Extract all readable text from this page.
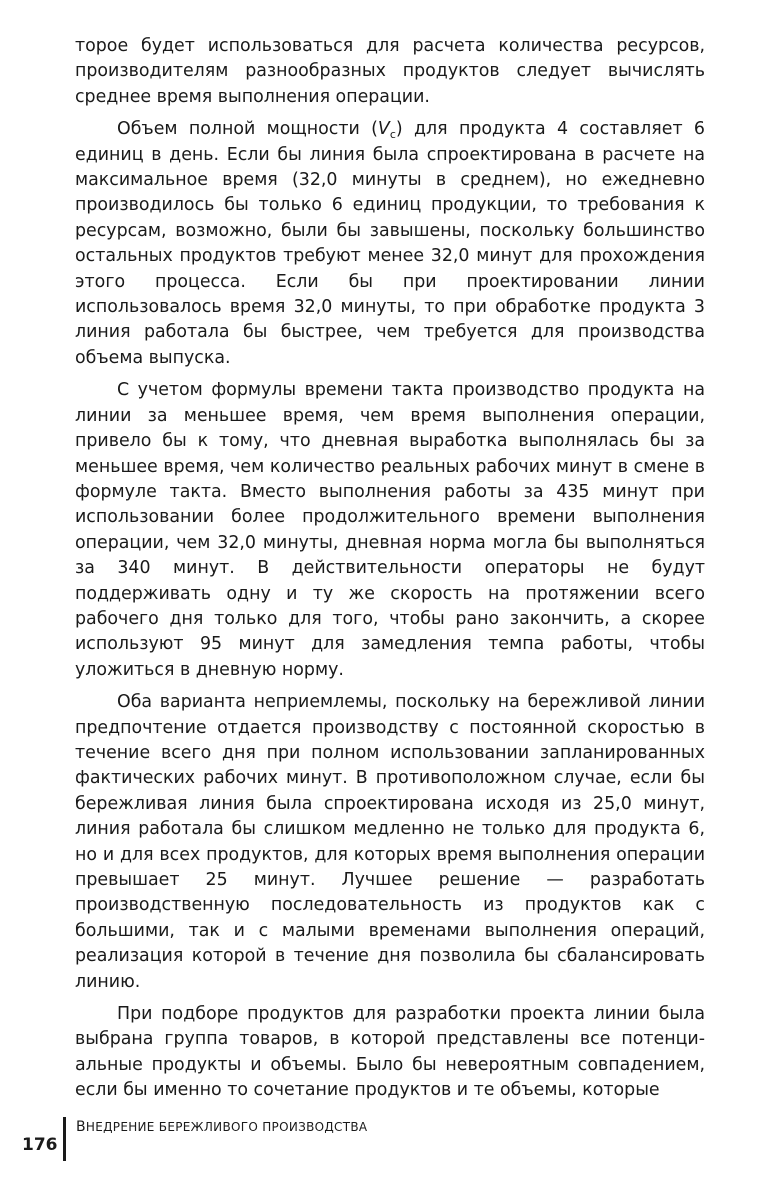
торое будет использоваться для расчета количества ресурсов, производителям разнообразных продуктов следует вычислять среднее время выполнения операции.

Объем полной мощности $(V_c)$ для продукта 4 составляет 6 единиц в день. Если бы линия была спроектирована в расчете на максимальное время (32,0 минуты в среднем), но ежедневно производилось бы только 6 единиц продукции, то требования к ресурсам, возможно, были бы завышены, поскольку большинство остальных продуктов требуют менее 32,0 минут для прохождения этого процесса. Если бы при проектировании линии использовалось время 32,0 минуты, то при обработке продукта 3 линия работала бы быстрее, чем требуется для производства объема выпуска.

С учетом формулы времени такта производство продукта на линии за меньшее время, чем время выполнения операции, привело бы к тому, что дневная выработка выполнялась бы за меньшее время, чем количество реальных рабочих минут в смене в формуле такта. Вместо выполнения работы за 435 минут при использовании более продолжительного времени выполнения операции, чем 32,0 минуты, дневная норма могла бы выполняться за 340 минут. В действительности операторы не будут поддерживать одну и ту же скорость на протяжении всего рабочего дня только для того, чтобы рано закончить, а скорее используют 95 минут для замедления темпа работы, чтобы уложиться в дневную норму.

Оба варианта неприемлемы, поскольку на бережливой линии предпочтение отдается производству с постоянной скоростью в течение всего дня при полном использовании запланированных фактических рабочих минут. В противоположном случае, если бы бережливая линия была спроектирована исходя из 25,0 минут, линия работала бы слишком медленно не только для продукта 6, но и для всех продуктов, для которых время выполнения операции превышает 25 минут. Лучшее решение — разработать производственную последовательность из продуктов как с большими, так и с малыми временами выполнения операций, реализация которой в течение дня позволила бы сбалансировать линию.

При подборе продуктов для разработки проекта линии была выбрана группа товаров, в которой представлены все потенциальные продукты и объемы. Было бы невероятным совпадением, если бы именно то сочетание продуктов и те объемы, которые

176
ВНЕДРЕНИЕ БЕРЕЖЛИВОГО ПРОИЗВОДСТВА
